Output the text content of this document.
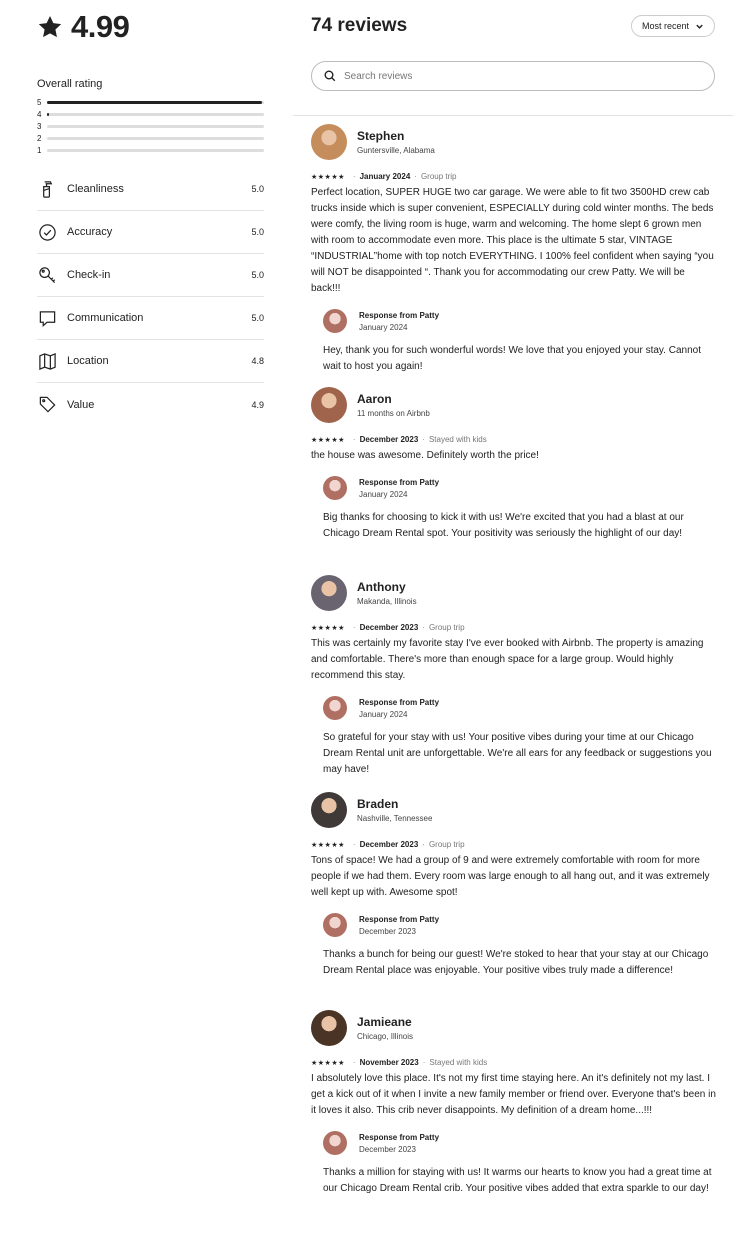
4.99
Overall rating
5
4
3
2
1
Cleanliness	5.0
Accuracy	5.0
Check-in	5.0
Communication	5.0
Location	4.8
Value	4.9
74 reviews	Most recent
Search reviews
Stephen
Guntersville, Alabama
★★★★★ · January 2024 · Group trip
Perfect location, SUPER HUGE two car garage. We were able to fit two 3500HD crew cab trucks inside which is super convenient, ESPECIALLY during cold winter months. The beds were comfy, the living room is huge, warm and welcoming. The home slept 6 grown men with room to accommodate even more. This place is the ultimate 5 star, VINTAGE “INDUSTRIAL”home with top notch EVERYTHING. I 100% feel confident when saying “you will NOT be disappointed “. Thank you for accommodating our crew Patty. We will be back!!!
Response from Patty
January 2024
Hey, thank you for such wonderful words! We love that you enjoyed your stay. Cannot wait to host you again!
Aaron
11 months on Airbnb
★★★★★ · December 2023 · Stayed with kids
the house was awesome. Definitely worth the price!
Response from Patty
January 2024
Big thanks for choosing to kick it with us! We're excited that you had a blast at our Chicago Dream Rental spot. Your positivity was seriously the highlight of our day!
Anthony
Makanda, Illinois
★★★★★ · December 2023 · Group trip
This was certainly my favorite stay I've ever booked with Airbnb. The property is amazing and comfortable. There's more than enough space for a large group. Would highly recommend this stay.
Response from Patty
January 2024
So grateful for your stay with us! Your positive vibes during your time at our Chicago Dream Rental unit are unforgettable. We're all ears for any feedback or suggestions you may have!
Braden
Nashville, Tennessee
★★★★★ · December 2023 · Group trip
Tons of space! We had a group of 9 and were extremely comfortable with room for more people if we had them. Every room was large enough to all hang out, and it was extremely well kept up with. Awesome spot!
Response from Patty
December 2023
Thanks a bunch for being our guest! We're stoked to hear that your stay at our Chicago Dream Rental place was enjoyable. Your positive vibes truly made a difference!
Jamieane
Chicago, Illinois
★★★★★ · November 2023 · Stayed with kids
I absolutely love this place. It's not my first time staying here. An it's definitely not my last. I get a kick out of it when I invite a new family member or friend over. Everyone that's been in it loves it also. This crib never disappoints. My definition of a dream home...!!!
Response from Patty
December 2023
Thanks a million for staying with us! It warms our hearts to know you had a great time at our Chicago Dream Rental crib. Your positive vibes added that extra sparkle to our day!
